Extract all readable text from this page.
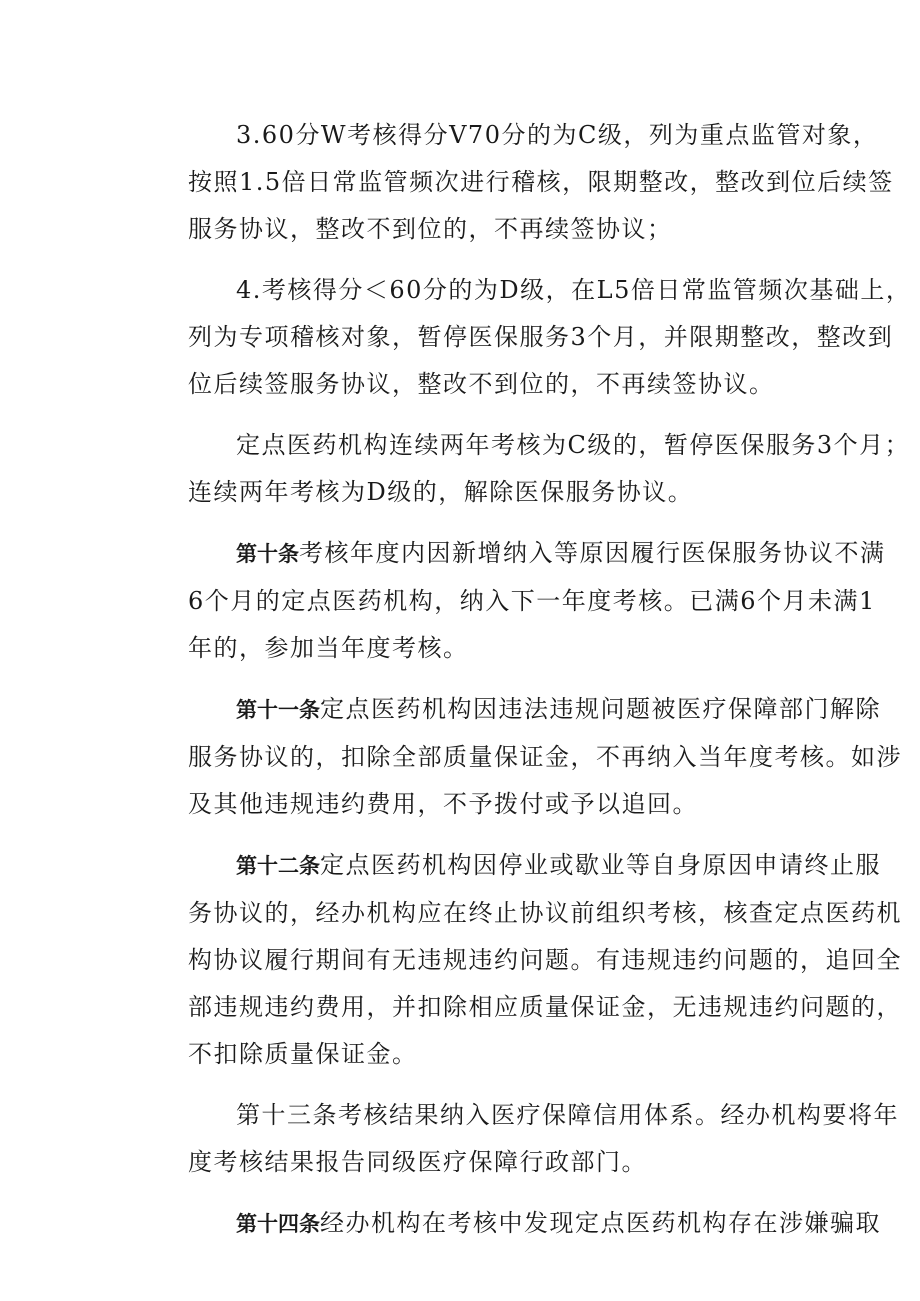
3.60分W考核得分V70分的为C级，列为重点监管对象，
按照1.5倍日常监管频次进行稽核，限期整改，整改到位后续签
服务协议，整改不到位的，不再续签协议；
4.考核得分＜60分的为D级，在L5倍日常监管频次基础上，
列为专项稽核对象，暂停医保服务3个月，并限期整改，整改到
位后续签服务协议，整改不到位的，不再续签协议。
定点医药机构连续两年考核为C级的，暂停医保服务3个月；
连续两年考核为D级的，解除医保服务协议。
第十条考核年度内因新增纳入等原因履行医保服务协议不满
6个月的定点医药机构，纳入下一年度考核。已满6个月未满1
年的，参加当年度考核。
第十一条定点医药机构因违法违规问题被医疗保障部门解除
服务协议的，扣除全部质量保证金，不再纳入当年度考核。如涉
及其他违规违约费用，不予拨付或予以追回。
第十二条定点医药机构因停业或歇业等自身原因申请终止服
务协议的，经办机构应在终止协议前组织考核，核查定点医药机
构协议履行期间有无违规违约问题。有违规违约问题的，追回全
部违规违约费用，并扣除相应质量保证金，无违规违约问题的，
不扣除质量保证金。
第十三条考核结果纳入医疗保障信用体系。经办机构要将年
度考核结果报告同级医疗保障行政部门。
第十四条经办机构在考核中发现定点医药机构存在涉嫌骗取
